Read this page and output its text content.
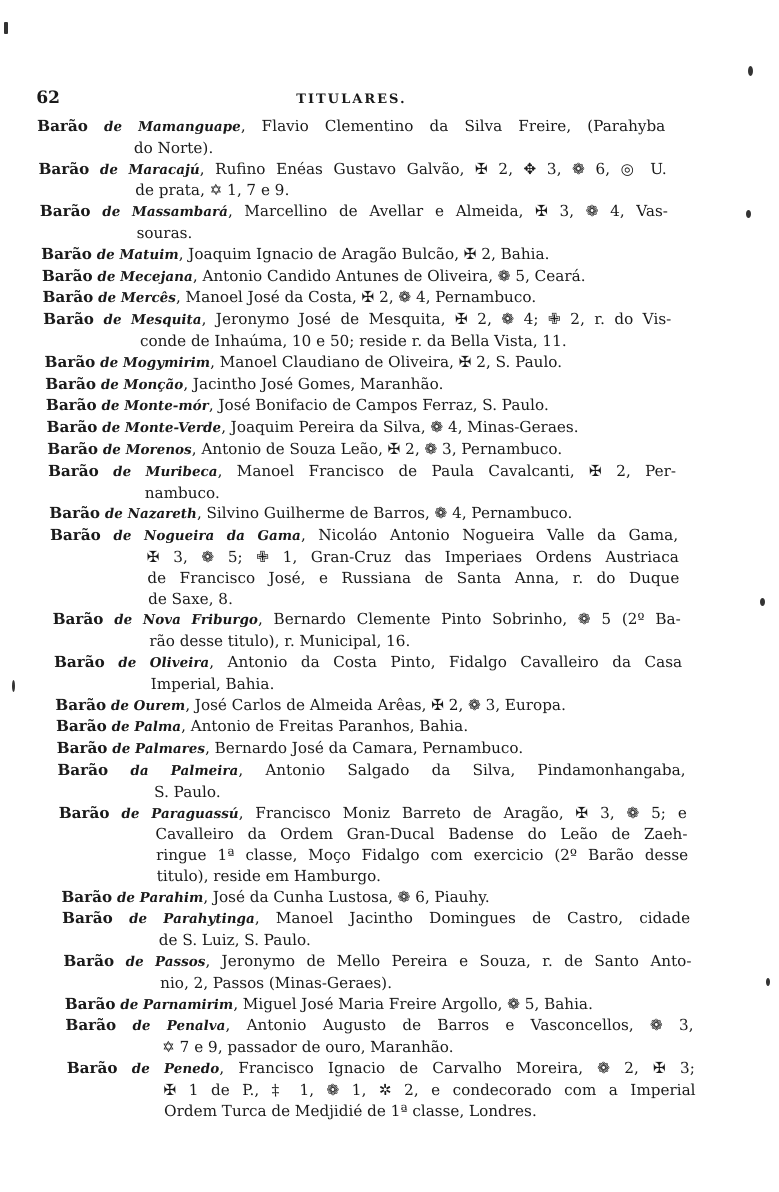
62	TITULARES.
Barão de Mamanguape, Flavio Clementino da Silva Freire, (Parahyba
do Norte).
Barão de Maracajú, Rufino Enéas Gustavo Galvão, ✠ 2, ✥ 3, ❁ 6, ◎ U.
de prata, ✡ 1, 7 e 9.
Barão de Massambará, Marcellino de Avellar e Almeida, ✠ 3, ❁ 4, Vas-
souras.
Barão de Matuim, Joaquim Ignacio de Aragão Bulcão, ✠ 2, Bahia.
Barão de Mecejana, Antonio Candido Antunes de Oliveira, ❁ 5, Ceará.
Barão de Mercês, Manoel José da Costa, ✠ 2, ❁ 4, Pernambuco.
Barão de Mesquita, Jeronymo José de Mesquita, ✠ 2, ❁ 4; ✙ 2, r. do Vis-
conde de Inhaúma, 10 e 50; reside r. da Bella Vista, 11.
Barão de Mogymirim, Manoel Claudiano de Oliveira, ✠ 2, S. Paulo.
Barão de Monção, Jacintho José Gomes, Maranhão.
Barão de Monte-mór, José Bonifacio de Campos Ferraz, S. Paulo.
Barão de Monte-Verde, Joaquim Pereira da Silva, ❁ 4, Minas-Geraes.
Barão de Morenos, Antonio de Souza Leão, ✠ 2, ❁ 3, Pernambuco.
Barão de Muribeca, Manoel Francisco de Paula Cavalcanti, ✠ 2, Per-
nambuco.
Barão de Nazareth, Silvino Guilherme de Barros, ❁ 4, Pernambuco.
Barão de Nogueira da Gama, Nicoláo Antonio Nogueira Valle da Gama,
✠ 3, ❁ 5; ✙ 1, Gran-Cruz das Imperiaes Ordens Austriaca
de Francisco José, e Russiana de Santa Anna, r. do Duque
de Saxe, 8.
Barão de Nova Friburgo, Bernardo Clemente Pinto Sobrinho, ❁ 5 (2º Ba-
rão desse titulo), r. Municipal, 16.
Barão de Oliveira, Antonio da Costa Pinto, Fidalgo Cavalleiro da Casa
Imperial, Bahia.
Barão de Ourem, José Carlos de Almeida Arêas, ✠ 2, ❁ 3, Europa.
Barão de Palma, Antonio de Freitas Paranhos, Bahia.
Barão de Palmares, Bernardo José da Camara, Pernambuco.
Barão da Palmeira, Antonio Salgado da Silva, Pindamonhangaba,
S. Paulo.
Barão de Paraguassú, Francisco Moniz Barreto de Aragão, ✠ 3, ❁ 5; e
Cavalleiro da Ordem Gran-Ducal Badense do Leão de Zaeh-
ringue 1ª classe, Moço Fidalgo com exercicio (2º Barão desse
titulo), reside em Hamburgo.
Barão de Parahim, José da Cunha Lustosa, ❁ 6, Piauhy.
Barão de Parahytinga, Manoel Jacintho Domingues de Castro, cidade
de S. Luiz, S. Paulo.
Barão de Passos, Jeronymo de Mello Pereira e Souza, r. de Santo Anto-
nio, 2, Passos (Minas-Geraes).
Barão de Parnamirim, Miguel José Maria Freire Argollo, ❁ 5, Bahia.
Barão de Penalva, Antonio Augusto de Barros e Vasconcellos, ❁ 3,
✡ 7 e 9, passador de ouro, Maranhão.
Barão de Penedo, Francisco Ignacio de Carvalho Moreira, ❁ 2, ✠ 3;
✠ 1 de P., ‡ 1, ❁ 1, ✲ 2, e condecorado com a Imperial
Ordem Turca de Medjidié de 1ª classe, Londres.
